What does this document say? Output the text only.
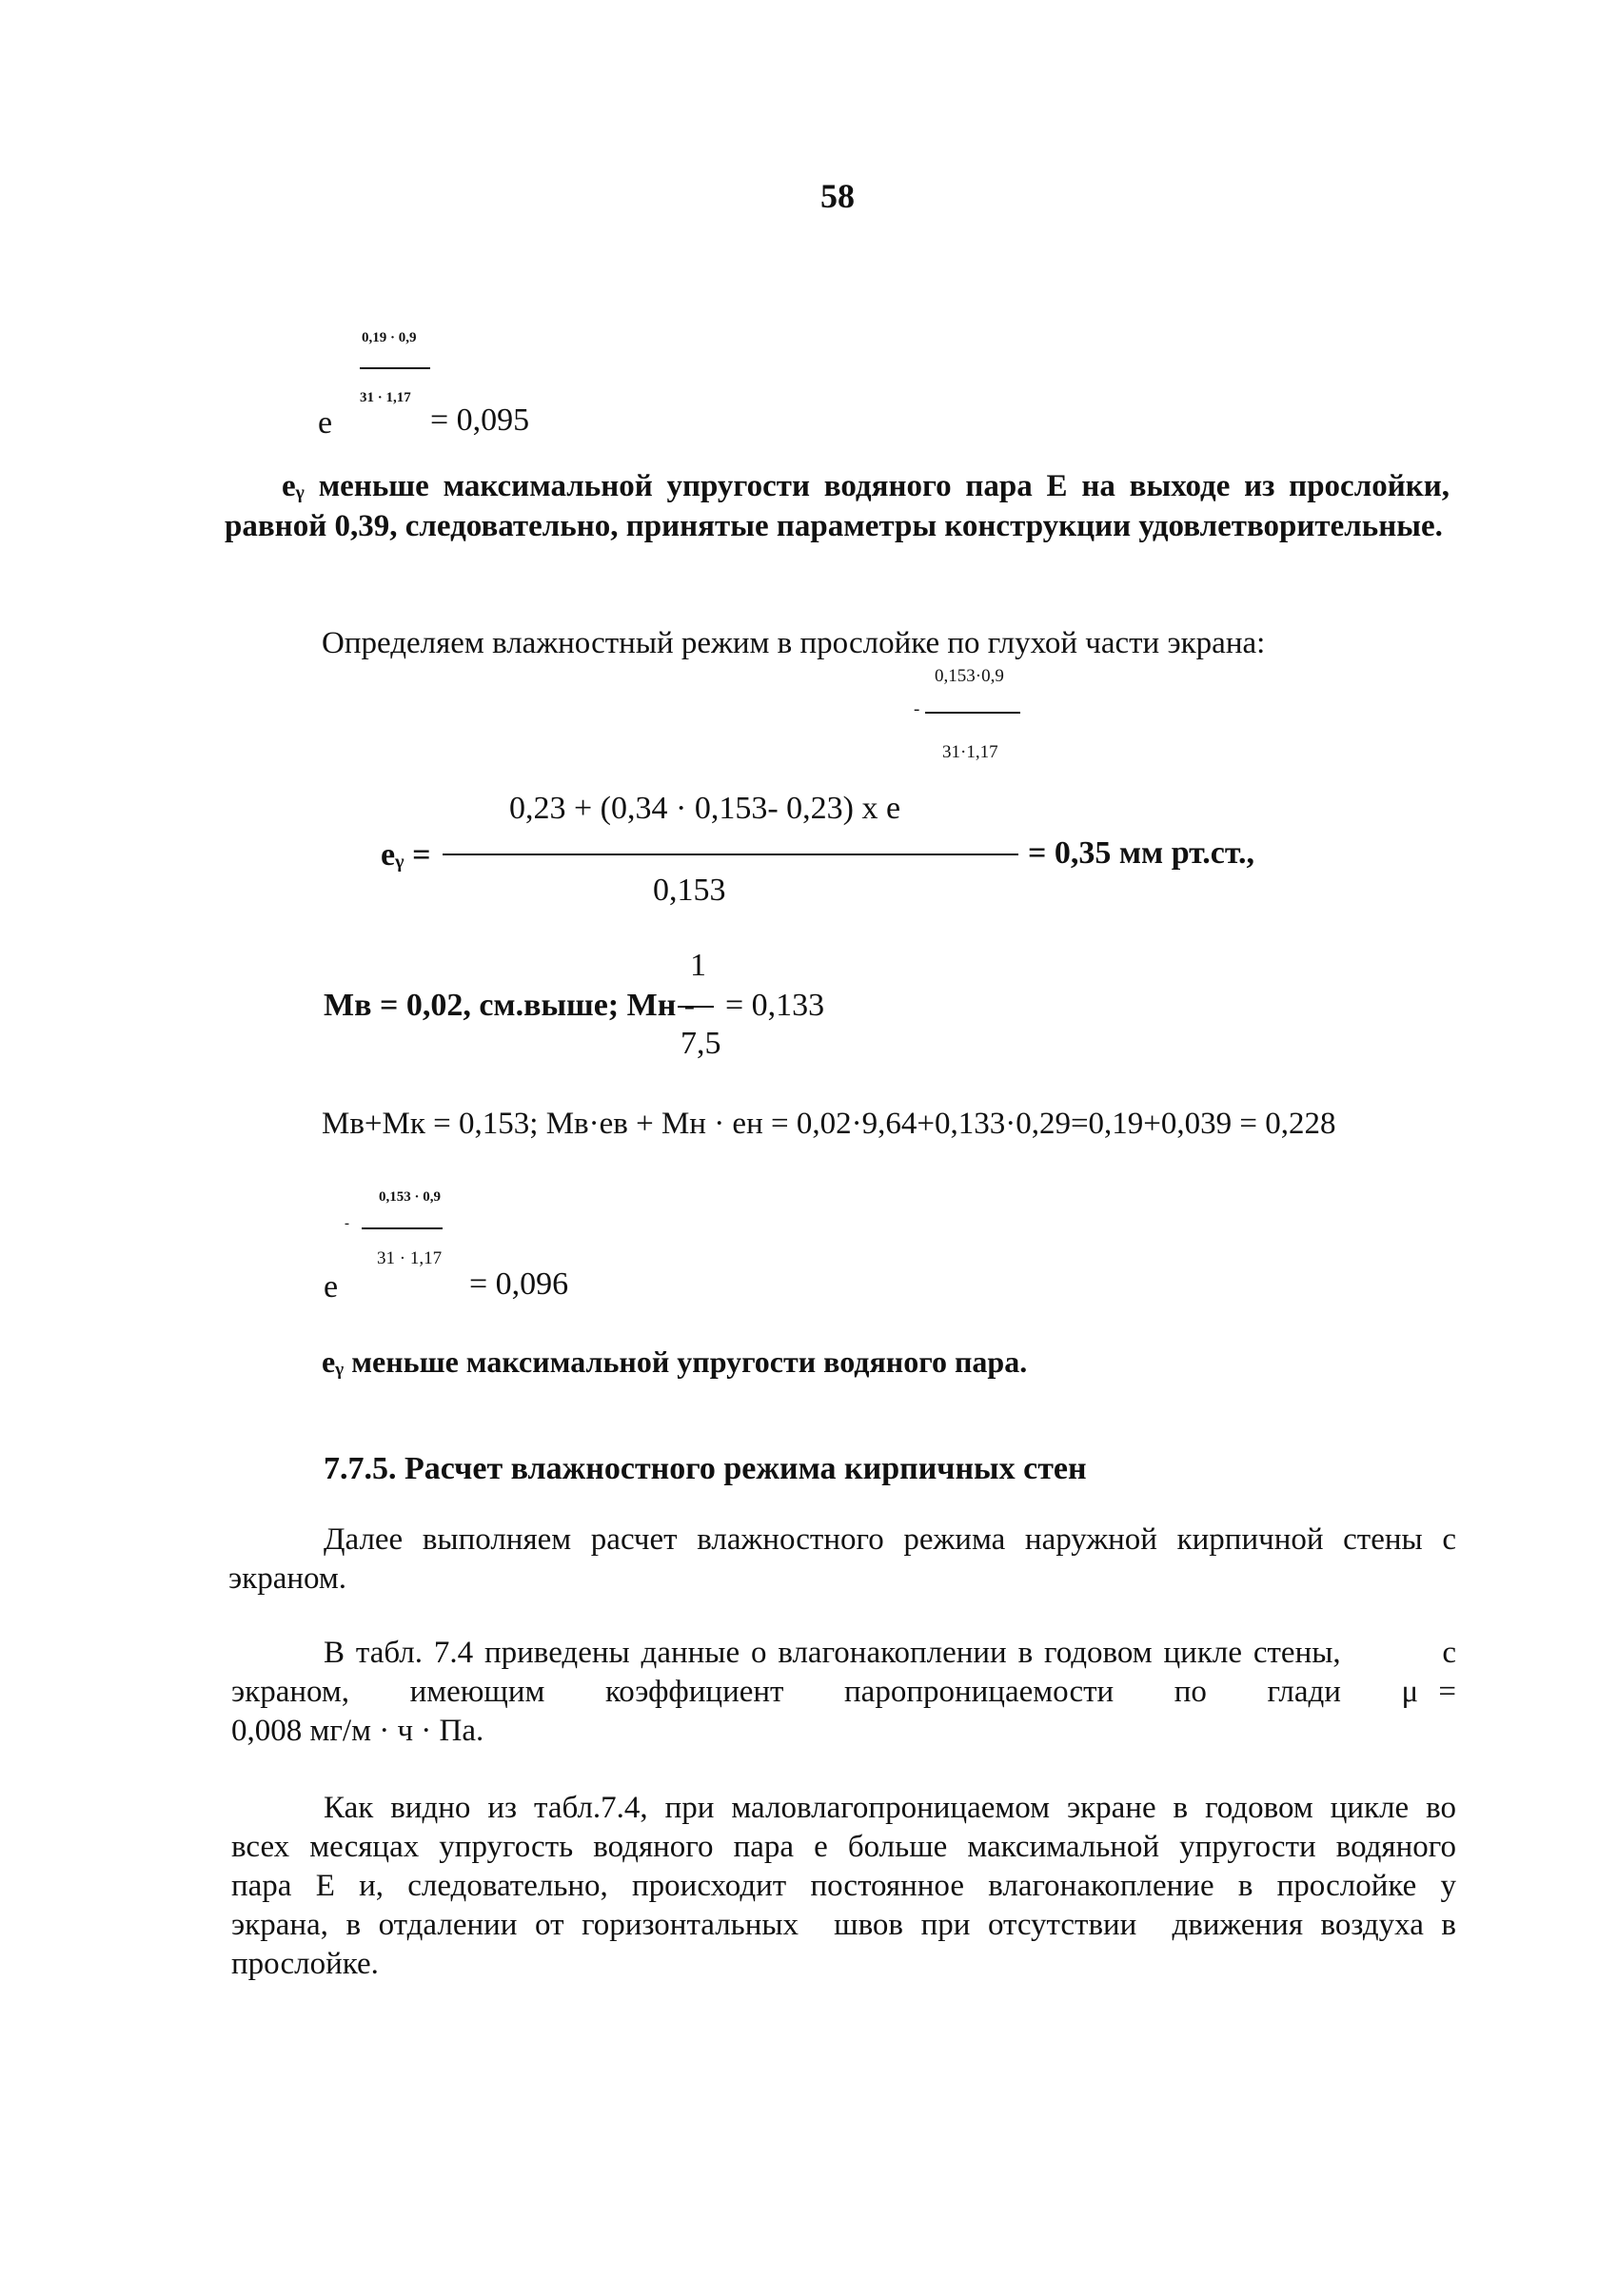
58
0,19 · 0,9
31 · 1,17
e	= 0,095
eᵧ меньше максимальной упругости водяного пара Е на выходе из прослойки,
равной 0,39, следовательно, принятые параметры конструкции удовлетворительные.
Определяем влажностный режим в прослойке по глухой части экрана:
0,153·0,9
-
31·1,17
0,23 + (0,34 · 0,153- 0,23) х e
eᵧ =	= 0,35 мм рт.ст.,
0,153
1
Мв = 0,02, см.выше; Мн - = 0,133
7,5
Мв+Мк = 0,153; Мв·ев + Мн · ен = 0,02·9,64+0,133·0,29=0,19+0,039 = 0,228
0,153 · 0,9
-
31 · 1,17
e	= 0,096
eᵧ меньше максимальной упругости водяного пара.
7.7.5. Расчет влажностного режима кирпичных стен
Далее выполняем расчет влажностного режима наружной кирпичной стены с
экраном.
В табл. 7.4 приведены данные о влагонакоплении в годовом цикле стены,         с
экраном,   имеющим   коэффициент   паропроницаемости   по   глади   μ =
0,008 мг/м · ч · Па.
Как видно из табл.7.4, при маловлагопроницаемом экране в годовом цикле во
всех месяцах упругость водяного пара e больше максимальной упругости водяного
пара Е и, следовательно, происходит постоянное влагонакопление в прослойке у
экрана, в отдалении от горизонтальных  швов при отсутствии  движения воздуха в
прослойке.
